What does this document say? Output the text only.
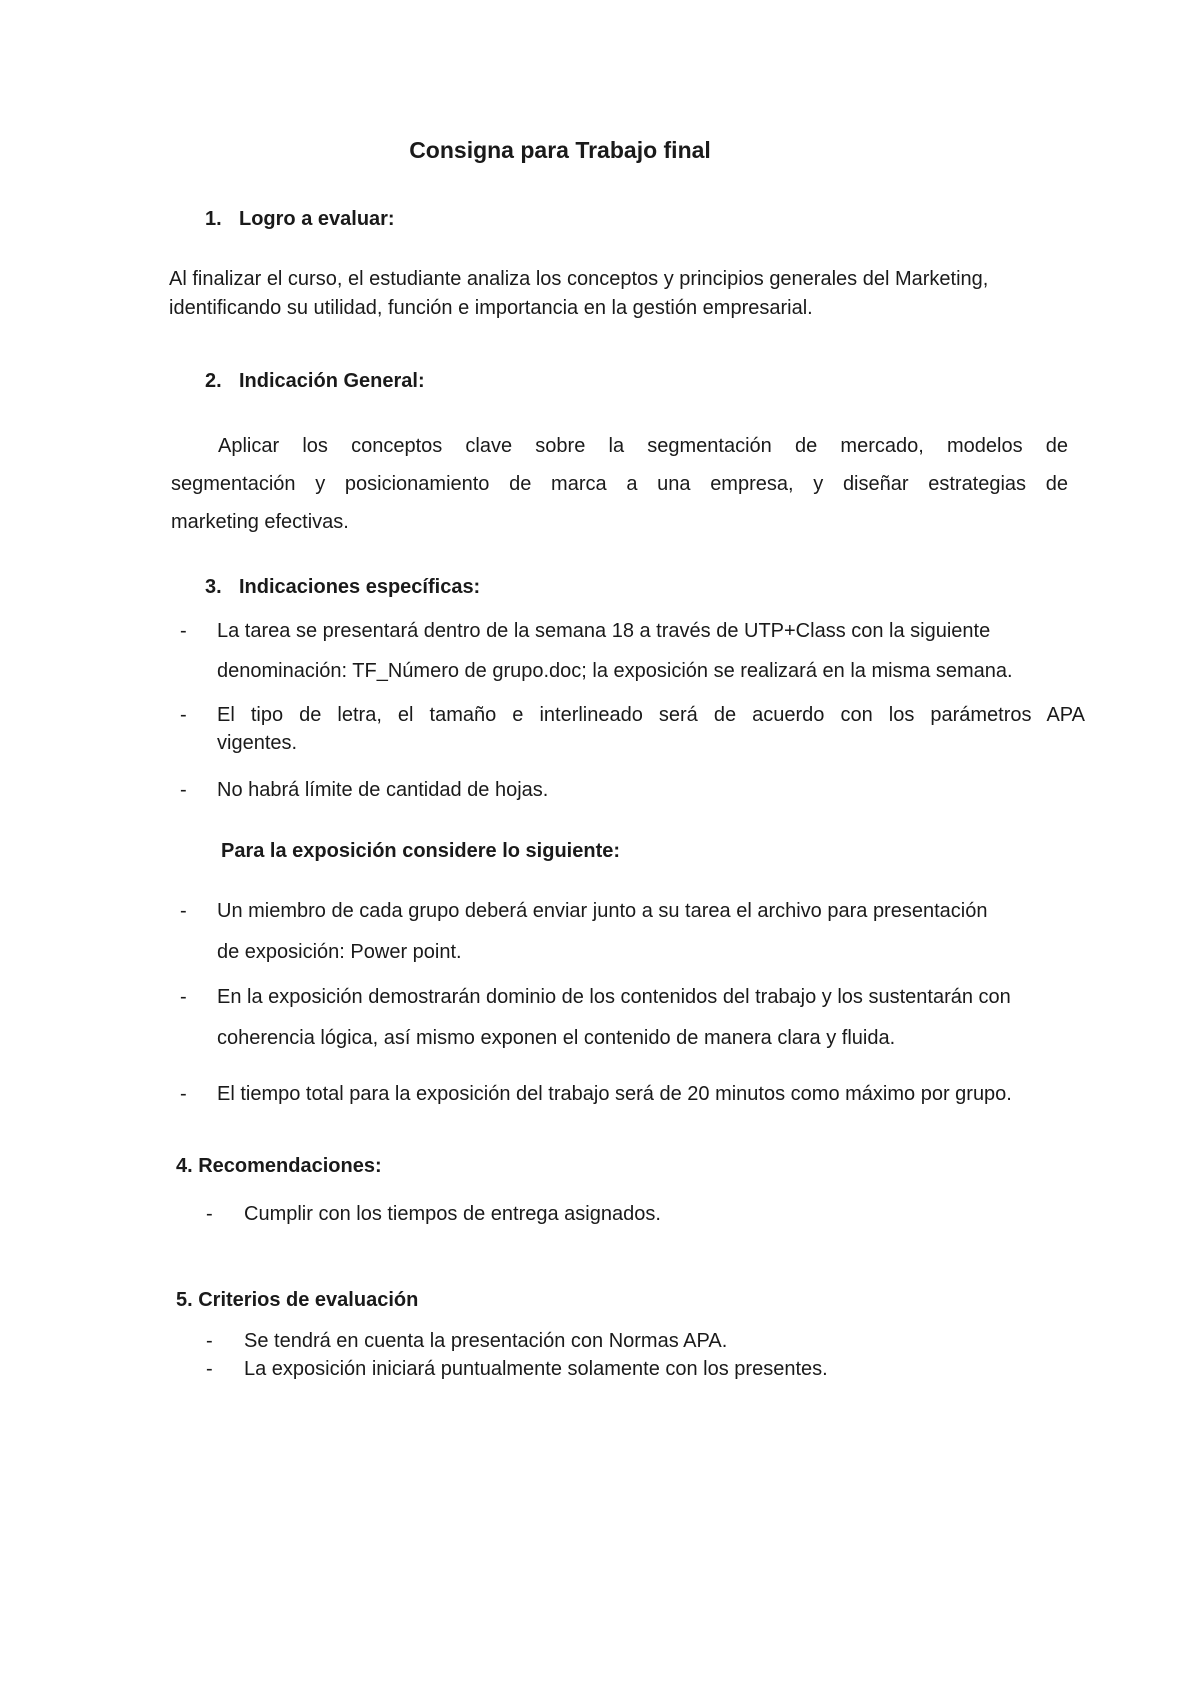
Consigna para Trabajo final
1. Logro a evaluar:
Al finalizar el curso, el estudiante analiza los conceptos y principios generales del Marketing,
identificando su utilidad, función e importancia en la gestión empresarial.
2. Indicación General:
Aplicar los conceptos clave sobre la segmentación de mercado, modelos de
segmentación y posicionamiento de marca a una empresa, y diseñar estrategias de
marketing efectivas.
3. Indicaciones específicas:
- La tarea se presentará dentro de la semana 18 a través de UTP+Class con la siguiente
denominación: TF_Número de grupo.doc; la exposición se realizará en la misma semana.
- El tipo de letra, el tamaño e interlineado será de acuerdo con los parámetros APA
vigentes.
- No habrá límite de cantidad de hojas.
Para la exposición considere lo siguiente:
- Un miembro de cada grupo deberá enviar junto a su tarea el archivo para presentación
de exposición: Power point.
- En la exposición demostrarán dominio de los contenidos del trabajo y los sustentarán con
coherencia lógica, así mismo exponen el contenido de manera clara y fluida.
- El tiempo total para la exposición del trabajo será de 20 minutos como máximo por grupo.
4. Recomendaciones:
- Cumplir con los tiempos de entrega asignados.
5. Criterios de evaluación
- Se tendrá en cuenta la presentación con Normas APA.
- La exposición iniciará puntualmente solamente con los presentes.
